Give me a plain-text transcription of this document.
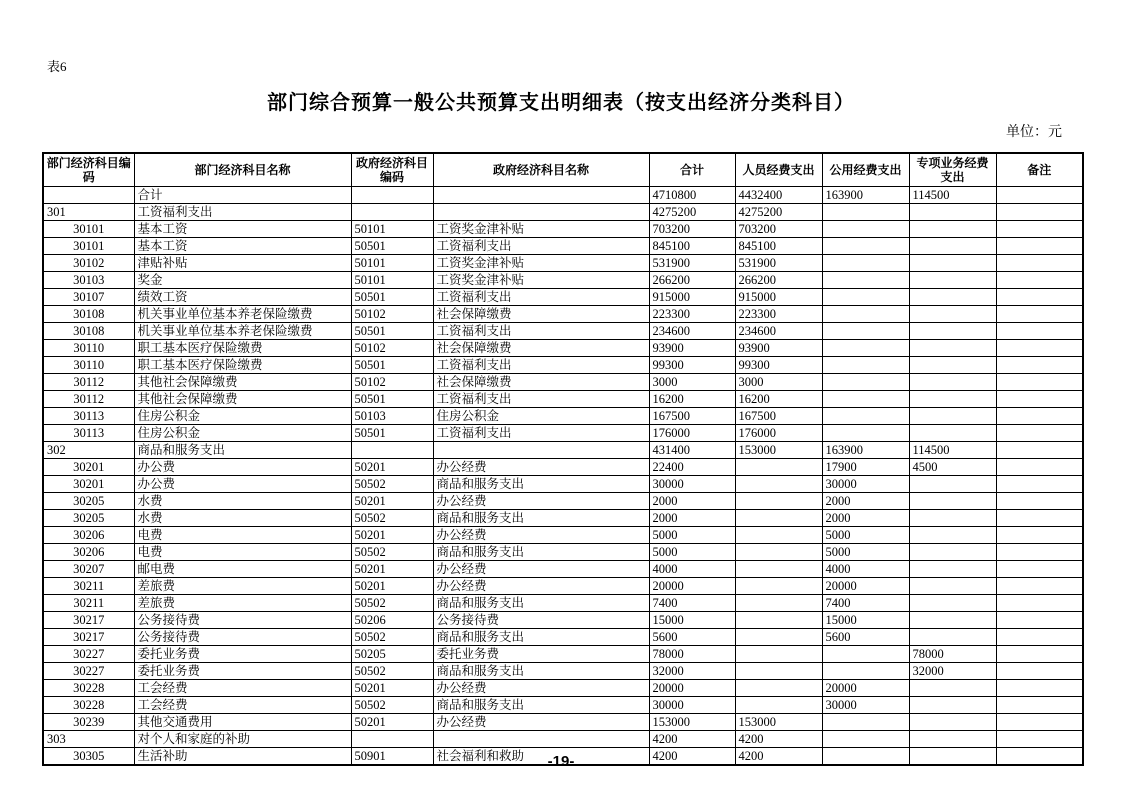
表6
部门综合预算一般公共预算支出明细表（按支出经济分类科目）
单位：元
部门经济科目编码	部门经济科目名称	政府经济科目编码	政府经济科目名称	合计	人员经费支出	公用经费支出	专项业务经费支出	备注
	合计			4710800	4432400	163900	114500	
301	工资福利支出			4275200	4275200			
30101	基本工资	50101	工资奖金津补贴	703200	703200			
30101	基本工资	50501	工资福利支出	845100	845100			
30102	津贴补贴	50101	工资奖金津补贴	531900	531900			
30103	奖金	50101	工资奖金津补贴	266200	266200			
30107	绩效工资	50501	工资福利支出	915000	915000			
30108	机关事业单位基本养老保险缴费	50102	社会保障缴费	223300	223300			
30108	机关事业单位基本养老保险缴费	50501	工资福利支出	234600	234600			
30110	职工基本医疗保险缴费	50102	社会保障缴费	93900	93900			
30110	职工基本医疗保险缴费	50501	工资福利支出	99300	99300			
30112	其他社会保障缴费	50102	社会保障缴费	3000	3000			
30112	其他社会保障缴费	50501	工资福利支出	16200	16200			
30113	住房公积金	50103	住房公积金	167500	167500			
30113	住房公积金	50501	工资福利支出	176000	176000			
302	商品和服务支出			431400	153000	163900	114500	
30201	办公费	50201	办公经费	22400		17900	4500	
30201	办公费	50502	商品和服务支出	30000		30000		
30205	水费	50201	办公经费	2000		2000		
30205	水费	50502	商品和服务支出	2000		2000		
30206	电费	50201	办公经费	5000		5000		
30206	电费	50502	商品和服务支出	5000		5000		
30207	邮电费	50201	办公经费	4000		4000		
30211	差旅费	50201	办公经费	20000		20000		
30211	差旅费	50502	商品和服务支出	7400		7400		
30217	公务接待费	50206	公务接待费	15000		15000		
30217	公务接待费	50502	商品和服务支出	5600		5600		
30227	委托业务费	50205	委托业务费	78000			78000	
30227	委托业务费	50502	商品和服务支出	32000			32000	
30228	工会经费	50201	办公经费	20000		20000		
30228	工会经费	50502	商品和服务支出	30000		30000		
30239	其他交通费用	50201	办公经费	153000	153000			
303	对个人和家庭的补助			4200	4200			
30305	生活补助	50901	社会福利和救助	4200	4200			
-19-
